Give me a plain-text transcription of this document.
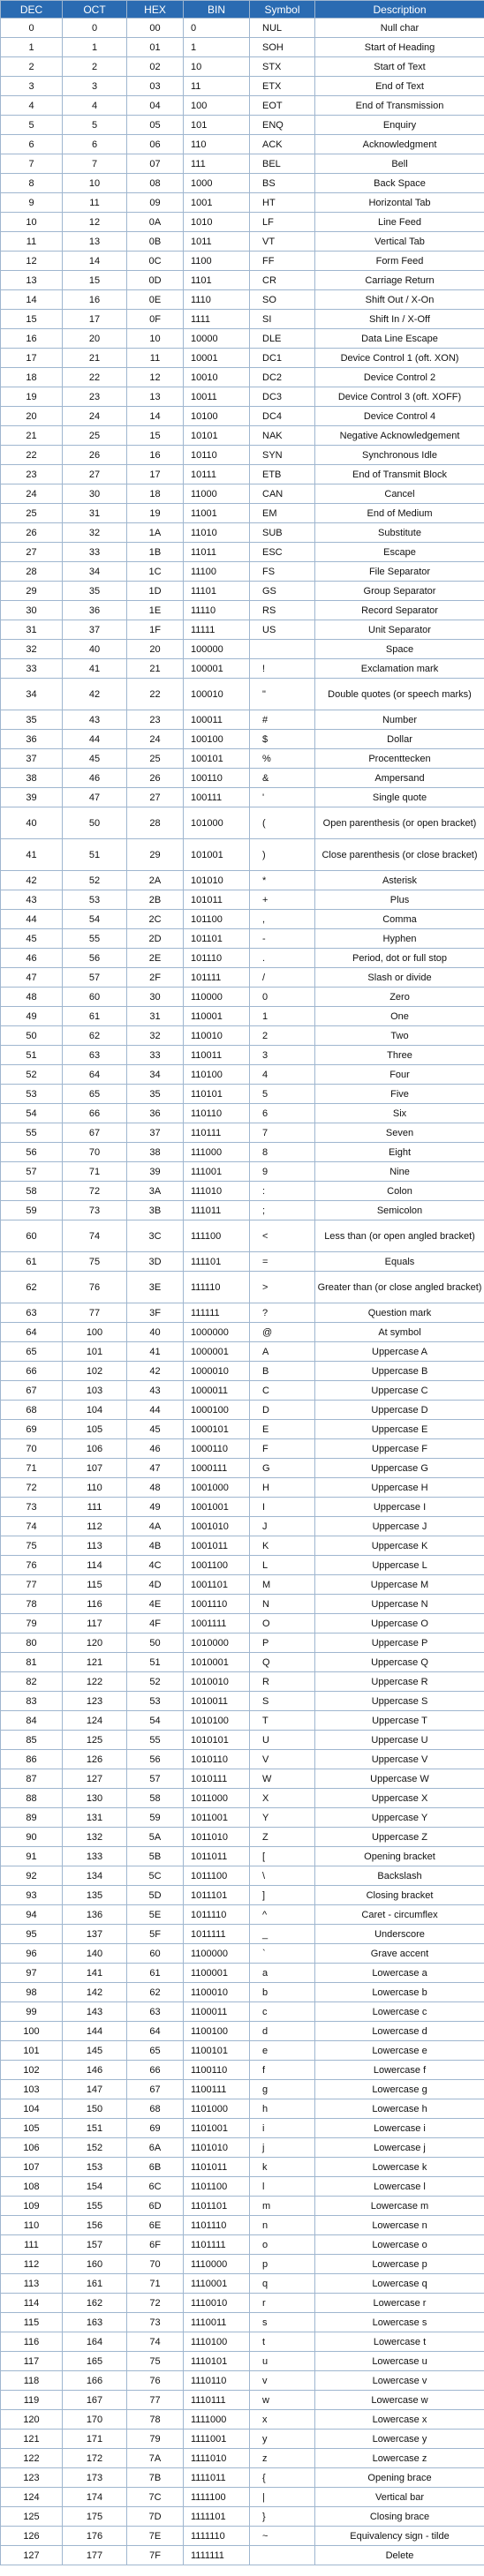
DEC	OCT	HEX	BIN	Symbol	Description
0	0	00	0	NUL	Null char
1	1	01	1	SOH	Start of Heading
2	2	02	10	STX	Start of Text
3	3	03	11	ETX	End of Text
4	4	04	100	EOT	End of Transmission
5	5	05	101	ENQ	Enquiry
6	6	06	110	ACK	Acknowledgment
7	7	07	111	BEL	Bell
8	10	08	1000	BS	Back Space
9	11	09	1001	HT	Horizontal Tab
10	12	0A	1010	LF	Line Feed
11	13	0B	1011	VT	Vertical Tab
12	14	0C	1100	FF	Form Feed
13	15	0D	1101	CR	Carriage Return
14	16	0E	1110	SO	Shift Out / X-On
15	17	0F	1111	SI	Shift In / X-Off
16	20	10	10000	DLE	Data Line Escape
17	21	11	10001	DC1	Device Control 1 (oft. XON)
18	22	12	10010	DC2	Device Control 2
19	23	13	10011	DC3	Device Control 3 (oft. XOFF)
20	24	14	10100	DC4	Device Control 4
21	25	15	10101	NAK	Negative Acknowledgement
22	26	16	10110	SYN	Synchronous Idle
23	27	17	10111	ETB	End of Transmit Block
24	30	18	11000	CAN	Cancel
25	31	19	11001	EM	End of Medium
26	32	1A	11010	SUB	Substitute
27	33	1B	11011	ESC	Escape
28	34	1C	11100	FS	File Separator
29	35	1D	11101	GS	Group Separator
30	36	1E	11110	RS	Record Separator
31	37	1F	11111	US	Unit Separator
32	40	20	100000		Space
33	41	21	100001	!	Exclamation mark
34	42	22	100010	"	Double quotes (or speech marks)
35	43	23	100011	#	Number
36	44	24	100100	$	Dollar
37	45	25	100101	%	Procenttecken
38	46	26	100110	&	Ampersand
39	47	27	100111	'	Single quote
40	50	28	101000	(	Open parenthesis (or open bracket)
41	51	29	101001	)	Close parenthesis (or close bracket)
42	52	2A	101010	*	Asterisk
43	53	2B	101011	+	Plus
44	54	2C	101100	,	Comma
45	55	2D	101101	-	Hyphen
46	56	2E	101110	.	Period, dot or full stop
47	57	2F	101111	/	Slash or divide
48	60	30	110000	0	Zero
49	61	31	110001	1	One
50	62	32	110010	2	Two
51	63	33	110011	3	Three
52	64	34	110100	4	Four
53	65	35	110101	5	Five
54	66	36	110110	6	Six
55	67	37	110111	7	Seven
56	70	38	111000	8	Eight
57	71	39	111001	9	Nine
58	72	3A	111010	:	Colon
59	73	3B	111011	;	Semicolon
60	74	3C	111100	<	Less than (or open angled bracket)
61	75	3D	111101	=	Equals
62	76	3E	111110	>	Greater than (or close angled bracket)
63	77	3F	111111	?	Question mark
64	100	40	1000000	@	At symbol
65	101	41	1000001	A	Uppercase A
66	102	42	1000010	B	Uppercase B
67	103	43	1000011	C	Uppercase C
68	104	44	1000100	D	Uppercase D
69	105	45	1000101	E	Uppercase E
70	106	46	1000110	F	Uppercase F
71	107	47	1000111	G	Uppercase G
72	110	48	1001000	H	Uppercase H
73	111	49	1001001	I	Uppercase I
74	112	4A	1001010	J	Uppercase J
75	113	4B	1001011	K	Uppercase K
76	114	4C	1001100	L	Uppercase L
77	115	4D	1001101	M	Uppercase M
78	116	4E	1001110	N	Uppercase N
79	117	4F	1001111	O	Uppercase O
80	120	50	1010000	P	Uppercase P
81	121	51	1010001	Q	Uppercase Q
82	122	52	1010010	R	Uppercase R
83	123	53	1010011	S	Uppercase S
84	124	54	1010100	T	Uppercase T
85	125	55	1010101	U	Uppercase U
86	126	56	1010110	V	Uppercase V
87	127	57	1010111	W	Uppercase W
88	130	58	1011000	X	Uppercase X
89	131	59	1011001	Y	Uppercase Y
90	132	5A	1011010	Z	Uppercase Z
91	133	5B	1011011	[	Opening bracket
92	134	5C	1011100	\	Backslash
93	135	5D	1011101	]	Closing bracket
94	136	5E	1011110	^	Caret - circumflex
95	137	5F	1011111	_	Underscore
96	140	60	1100000	`	Grave accent
97	141	61	1100001	a	Lowercase a
98	142	62	1100010	b	Lowercase b
99	143	63	1100011	c	Lowercase c
100	144	64	1100100	d	Lowercase d
101	145	65	1100101	e	Lowercase e
102	146	66	1100110	f	Lowercase f
103	147	67	1100111	g	Lowercase g
104	150	68	1101000	h	Lowercase h
105	151	69	1101001	i	Lowercase i
106	152	6A	1101010	j	Lowercase j
107	153	6B	1101011	k	Lowercase k
108	154	6C	1101100	l	Lowercase l
109	155	6D	1101101	m	Lowercase m
110	156	6E	1101110	n	Lowercase n
111	157	6F	1101111	o	Lowercase o
112	160	70	1110000	p	Lowercase p
113	161	71	1110001	q	Lowercase q
114	162	72	1110010	r	Lowercase r
115	163	73	1110011	s	Lowercase s
116	164	74	1110100	t	Lowercase t
117	165	75	1110101	u	Lowercase u
118	166	76	1110110	v	Lowercase v
119	167	77	1110111	w	Lowercase w
120	170	78	1111000	x	Lowercase x
121	171	79	1111001	y	Lowercase y
122	172	7A	1111010	z	Lowercase z
123	173	7B	1111011	{	Opening brace
124	174	7C	1111100	|	Vertical bar
125	175	7D	1111101	}	Closing brace
126	176	7E	1111110	~	Equivalency sign - tilde
127	177	7F	1111111		Delete
